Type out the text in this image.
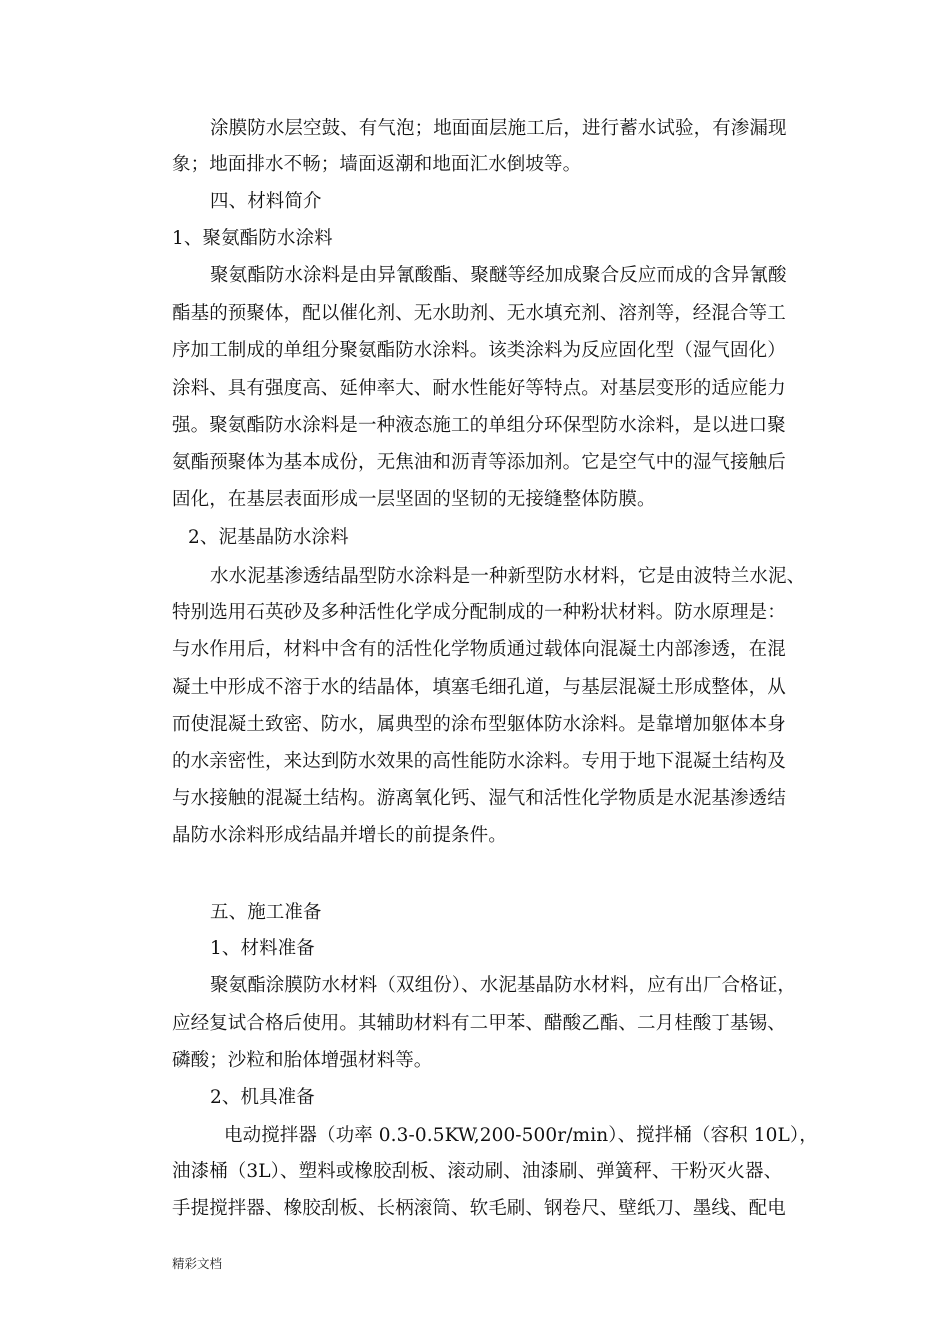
涂膜防水层空鼓、有气泡；地面面层施工后，进行蓄水试验，有渗漏现
象；地面排水不畅；墙面返潮和地面汇水倒坡等。
四、材料简介
1、聚氨酯防水涂料
聚氨酯防水涂料是由异氰酸酯、聚醚等经加成聚合反应而成的含异氰酸
酯基的预聚体，配以催化剂、无水助剂、无水填充剂、溶剂等，经混合等工
序加工制成的单组分聚氨酯防水涂料。该类涂料为反应固化型（湿气固化）
涂料、具有强度高、延伸率大、耐水性能好等特点。对基层变形的适应能力
强。聚氨酯防水涂料是一种液态施工的单组分环保型防水涂料，是以进口聚
氨酯预聚体为基本成份，无焦油和沥青等添加剂。它是空气中的湿气接触后
固化，在基层表面形成一层坚固的坚韧的无接缝整体防膜。
2、泥基晶防水涂料
水水泥基渗透结晶型防水涂料是一种新型防水材料，它是由波特兰水泥、
特别选用石英砂及多种活性化学成分配制成的一种粉状材料。防水原理是：
与水作用后，材料中含有的活性化学物质通过载体向混凝土内部渗透，在混
凝土中形成不溶于水的结晶体，填塞毛细孔道，与基层混凝土形成整体，从
而使混凝土致密、防水，属典型的涂布型躯体防水涂料。是靠增加躯体本身
的水亲密性，来达到防水效果的高性能防水涂料。专用于地下混凝土结构及
与水接触的混凝土结构。游离氧化钙、湿气和活性化学物质是水泥基渗透结
晶防水涂料形成结晶并增长的前提条件。
五、施工准备
1、材料准备
聚氨酯涂膜防水材料（双组份）、水泥基晶防水材料，应有出厂合格证，
应经复试合格后使用。其辅助材料有二甲苯、醋酸乙酯、二月桂酸丁基锡、
磷酸；沙粒和胎体增强材料等。
2、机具准备
电动搅拌器（功率 0.3-0.5KW,200-500r/min）、搅拌桶（容积 10L），
油漆桶（3L）、塑料或橡胶刮板、滚动刷、油漆刷、弹簧秤、干粉灭火器、
手提搅拌器、橡胶刮板、长柄滚筒、软毛刷、钢卷尺、壁纸刀、墨线、配电
精彩文档
